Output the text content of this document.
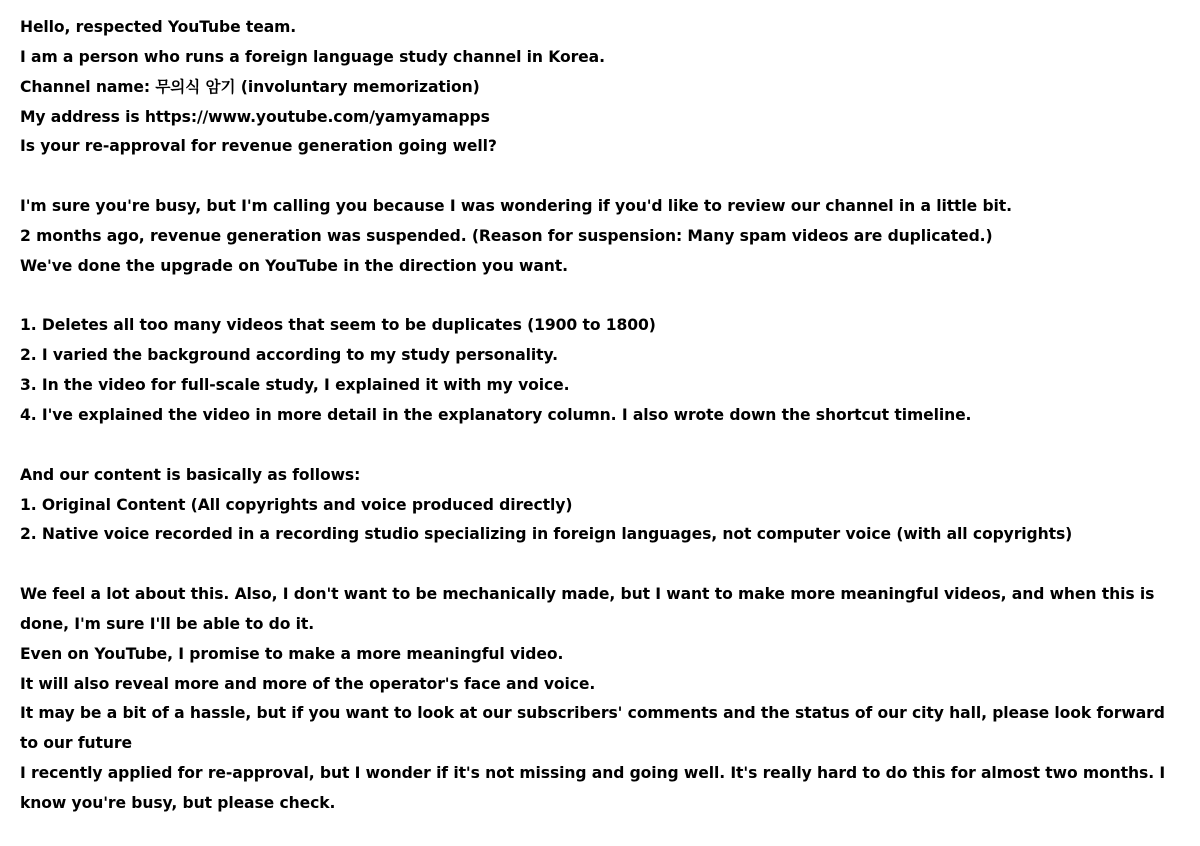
Hello, respected YouTube team.
I am a person who runs a foreign language study channel in Korea.
Channel name: 무의식 암기 (involuntary memorization)
My address is https://www.youtube.com/yamyamapps
Is your re-approval for revenue generation going well?
I'm sure you're busy, but I'm calling you because I was wondering if you'd like to review our channel in a little bit.
2 months ago, revenue generation was suspended. (Reason for suspension: Many spam videos are duplicated.)
We've done the upgrade on YouTube in the direction you want.
1. Deletes all too many videos that seem to be duplicates (1900 to 1800)
2. I varied the background according to my study personality.
3. In the video for full-scale study, I explained it with my voice.
4. I've explained the video in more detail in the explanatory column. I also wrote down the shortcut timeline.
And our content is basically as follows:
1. Original Content (All copyrights and voice produced directly)
2. Native voice recorded in a recording studio specializing in foreign languages, not computer voice (with all copyrights)
We feel a lot about this. Also, I don't want to be mechanically made, but I want to make more meaningful videos, and when this is done, I'm sure I'll be able to do it.
Even on YouTube, I promise to make a more meaningful video.
It will also reveal more and more of the operator's face and voice.
It may be a bit of a hassle, but if you want to look at our subscribers' comments and the status of our city hall, please look forward to our future
I recently applied for re-approval, but I wonder if it's not missing and going well. It's really hard to do this for almost two months. I know you're busy, but please check.
